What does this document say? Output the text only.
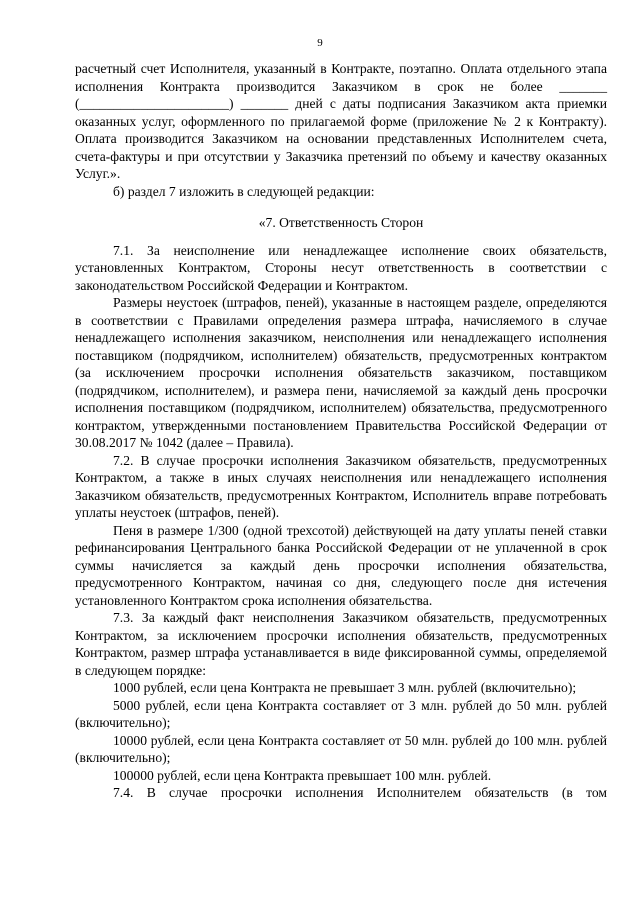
9

расчетный счет Исполнителя, указанный в Контракте, поэтапно. Оплата отдельного этапа исполнения Контракта производится Заказчиком в срок не более _______ (______________________) _______ дней с даты подписания Заказчиком акта приемки оказанных услуг, оформленного по прилагаемой форме (приложение № 2 к Контракту). Оплата производится Заказчиком на основании представленных Исполнителем счета, счета-фактуры и при отсутствии у Заказчика претензий по объему и качеству оказанных Услуг.».

б) раздел 7 изложить в следующей редакции:

«7. Ответственность Сторон

7.1. За неисполнение или ненадлежащее исполнение своих обязательств, установленных Контрактом, Стороны несут ответственность в соответствии с законодательством Российской Федерации и Контрактом.

Размеры неустоек (штрафов, пеней), указанные в настоящем разделе, определяются в соответствии с Правилами определения размера штрафа, начисляемого в случае ненадлежащего исполнения заказчиком, неисполнения или ненадлежащего исполнения поставщиком (подрядчиком, исполнителем) обязательств, предусмотренных контрактом (за исключением просрочки исполнения обязательств заказчиком, поставщиком (подрядчиком, исполнителем), и размера пени, начисляемой за каждый день просрочки исполнения поставщиком (подрядчиком, исполнителем) обязательства, предусмотренного контрактом, утвержденными постановлением Правительства Российской Федерации от 30.08.2017 № 1042 (далее – Правила).

7.2. В случае просрочки исполнения Заказчиком обязательств, предусмотренных Контрактом, а также в иных случаях неисполнения или ненадлежащего исполнения Заказчиком обязательств, предусмотренных Контрактом, Исполнитель вправе потребовать уплаты неустоек (штрафов, пеней).

Пеня в размере 1/300 (одной трехсотой) действующей на дату уплаты пеней ставки рефинансирования Центрального банка Российской Федерации от не уплаченной в срок суммы начисляется за каждый день просрочки исполнения обязательства, предусмотренного Контрактом, начиная со дня, следующего после дня истечения установленного Контрактом срока исполнения обязательства.

7.3. За каждый факт неисполнения Заказчиком обязательств, предусмотренных Контрактом, за исключением просрочки исполнения обязательств, предусмотренных Контрактом, размер штрафа устанавливается в виде фиксированной суммы, определяемой в следующем порядке:

1000 рублей, если цена Контракта не превышает 3 млн. рублей (включительно);

5000 рублей, если цена Контракта составляет от 3 млн. рублей до 50 млн. рублей (включительно);

10000 рублей, если цена Контракта составляет от 50 млн. рублей до 100 млн. рублей (включительно);

100000 рублей, если цена Контракта превышает 100 млн. рублей.

7.4. В случае просрочки исполнения Исполнителем обязательств (в том
